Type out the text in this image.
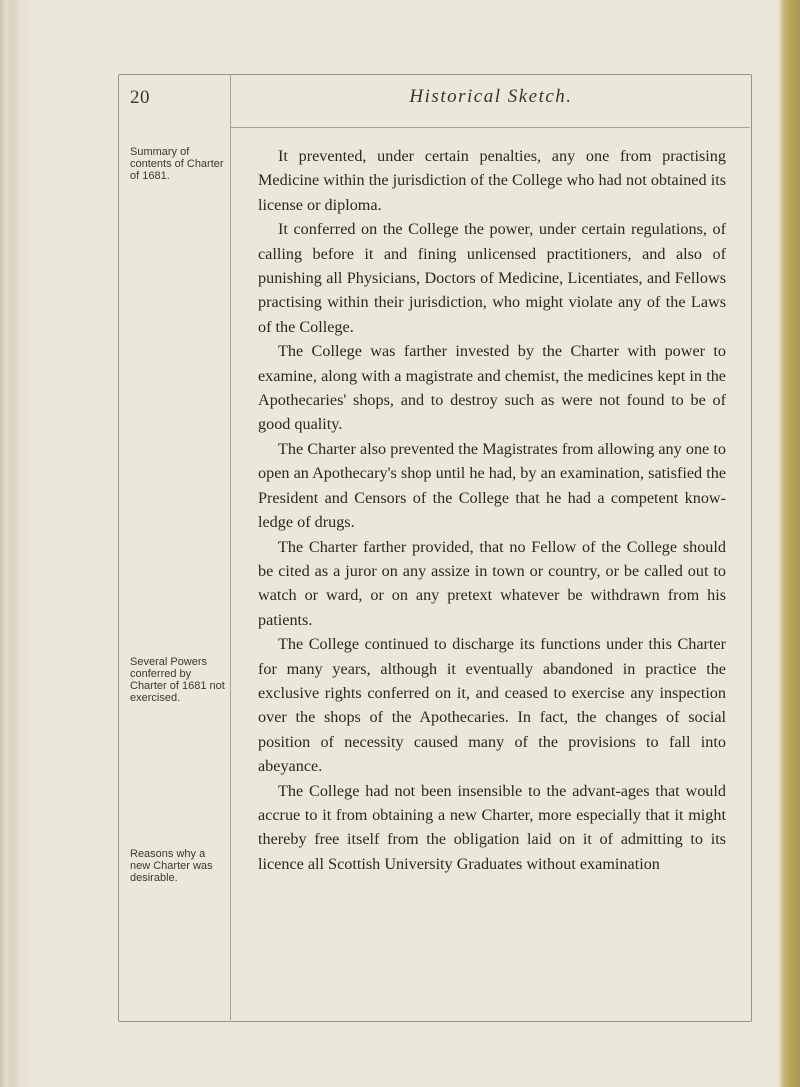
20	Historical Sketch.
Summary of contents of Charter of 1681.
Several Powers conferred by Charter of 1681 not exercised.
Reasons why a new Charter was desirable.

It prevented, under certain penalties, any one from practising Medicine within the jurisdiction of the College who had not obtained its license or diploma.

It conferred on the College the power, under certain regulations, of calling before it and fining unlicensed practitioners, and also of punishing all Physicians, Doctors of Medicine, Licentiates, and Fellows practising within their jurisdiction, who might violate any of the Laws of the College.

The College was farther invested by the Charter with power to examine, along with a magistrate and chemist, the medicines kept in the Apothecaries' shops, and to destroy such as were not found to be of good quality.

The Charter also prevented the Magistrates from allowing any one to open an Apothecary's shop until he had, by an examination, satisfied the President and Censors of the College that he had a competent know-ledge of drugs.

The Charter farther provided, that no Fellow of the College should be cited as a juror on any assize in town or country, or be called out to watch or ward, or on any pretext whatever be withdrawn from his patients.

The College continued to discharge its functions under this Charter for many years, although it eventually abandoned in practice the exclusive rights conferred on it, and ceased to exercise any inspection over the shops of the Apothecaries. In fact, the changes of social position of necessity caused many of the provisions to fall into abeyance.

The College had not been insensible to the advant-ages that would accrue to it from obtaining a new Charter, more especially that it might thereby free itself from the obligation laid on it of admitting to its licence all Scottish University Graduates without examination
